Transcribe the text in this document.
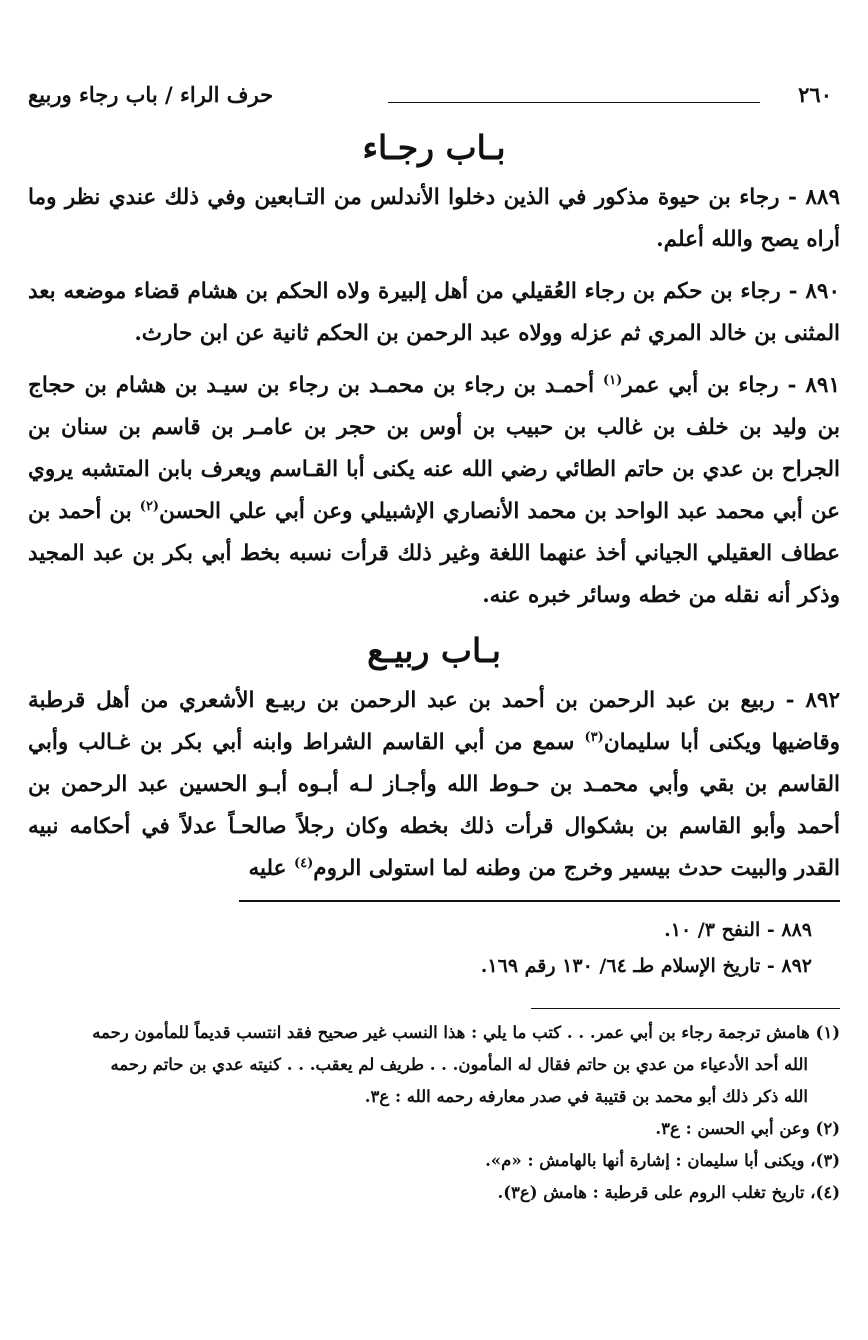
٢٦٠
حرف الراء / باب رجاء وربيع
بـاب رجـاء

٨٨٩ - رجاء بن حيوة مذكور في الذين دخلوا الأندلس من التـابعين وفي ذلك عندي نظر وما أراه يصح والله أعلم.

٨٩٠ - رجاء بن حكم بن رجاء العُقيلي من أهل إلبيرة ولاه الحكم بن هشام قضاء موضعه بعد المثنى بن خالد المري ثم عزله وولاه عبد الرحمن بن الحكم ثانية عن ابن حارث.

٨٩١ - رجاء بن أبي عمر$^{(١)}$ أحمـد بن رجاء بن محمـد بن رجاء بن سيـد بن هشام بن حجاج بن وليد بن خلف بن غالب بن حبيب بن أوس بن حجر بن عامـر بن قاسم بن سنان بن الجراح بن عدي بن حاتم الطائي رضي الله عنه يكنى أبا القـاسم ويعرف بابن المتشبه يروي عن أبي محمد عبد الواحد بن محمد الأنصاري الإشبيلي وعن أبي علي الحسن$^{(٢)}$ بن أحمد بن عطاف العقيلي الجياني أخذ عنهما اللغة وغير ذلك قرأت نسبه بخط أبي بكر بن عبد المجيد وذكر أنه نقله من خطه وسائر خبره عنه.

بـاب ربيـع

٨٩٢ - ربيع بن عبد الرحمن بن أحمد بن عبد الرحمن بن ربيـع الأشعري من أهل قرطبة وقاضيها ويكنى أبا سليمان$^{(٣)}$ سمع من أبي القاسم الشراط وابنه أبي بكر بن غـالب وأبي القاسم بن بقي وأبي محمـد بن حـوط الله وأجـاز لـه أبـوه أبـو الحسين عبد الرحمن بن أحمد وأبو القاسم بن بشكوال قرأت ذلك بخطه وكان رجلاً صالحـاً عدلاً في أحكامه نبيه القدر والبيت حدث بيسير وخرج من وطنه لما استولى الروم$^{(٤)}$ عليه

٨٨٩ - النفح ٣/ ١٠.
٨٩٢ - تاريخ الإسلام طـ ٦٤/ ١٣٠ رقم ١٦٩.

(١) هامش ترجمة رجاء بن أبي عمر. . . كتب ما يلي : هذا النسب غير صحيح فقد انتسب قديماً للمأمون رحمه

الله أحد الأدعياء من عدي بن حاتم فقال له المأمون. . . طريف لم يعقب. . . كنيته عدي بن حاتم رحمه

الله ذكر ذلك أبو محمد بن قتيبة في صدر معارفه رحمه الله : ع٣.

(٢) وعن أبي الحسن : ع٣.

(٣)، ويكنى أبا سليمان : إشارة أنها بالهامش : «م».

(٤)، تاريخ تغلب الروم على قرطبة : هامش (ع٣).
